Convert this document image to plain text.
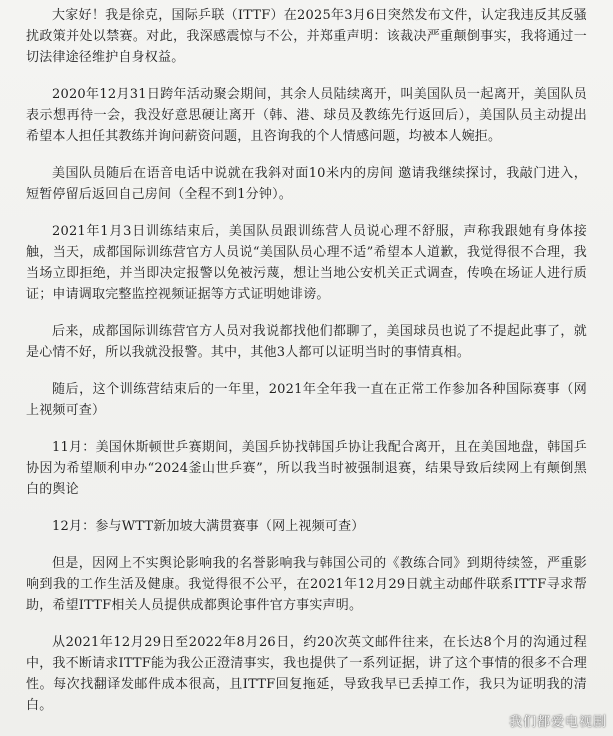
大家好！我是徐克，国际乒联（ITTF）在2025年3月6日突然发布文件，认定我违反其反骚扰政策并处以禁赛。对此，我深感震惊与不公，并郑重声明：该裁决严重颠倒事实，我将通过一切法律途径维护自身权益。

2020年12月31日跨年活动聚会期间，其余人员陆续离开，叫美国队员一起离开，美国队员表示想再待一会，我没好意思硬让离开（韩、港、球员及教练先行返回后），美国队员主动提出希望本人担任其教练并询问薪资问题，且咨询我的个人情感问题，均被本人婉拒。

美国队员随后在语音电话中说就在我斜对面10米内的房间 邀请我继续探讨，我敲门进入，短暂停留后返回自己房间（全程不到1分钟）。

2021年1月3日训练结束后，美国队员跟训练营人员说心理不舒服，声称我跟她有身体接触，当天，成都国际训练营官方人员说“美国队员心理不适”希望本人道歉，我觉得很不合理，我当场立即拒绝，并当即决定报警以免被污蔑，想让当地公安机关正式调查，传唤在场证人进行质证；申请调取完整监控视频证据等方式证明她诽谤。

后来，成都国际训练营官方人员对我说都找他们都聊了，美国球员也说了不提起此事了，就是心情不好，所以我就没报警。其中，其他3人都可以证明当时的事情真相。

随后，这个训练营结束后的一年里，2021年全年我一直在正常工作参加各种国际赛事（网上视频可查）

11月：美国休斯顿世乒赛期间，美国乒协找韩国乒协让我配合离开，且在美国地盘，韩国乒协因为希望顺利申办“2024釜山世乒赛”，所以我当时被强制退赛，结果导致后续网上有颠倒黑白的舆论

12月：参与WTT新加坡大满贯赛事（网上视频可查）

但是，因网上不实舆论影响我的名誉影响我与韩国公司的《教练合同》到期待续签，严重影响到我的工作生活及健康。我觉得很不公平，在2021年12月29日就主动邮件联系ITTF寻求帮助，希望ITTF相关人员提供成都舆论事件官方事实声明。

从2021年12月29日至2022年8月26日，约20次英文邮件往来，在长达8个月的沟通过程中，我不断请求ITTF能为我公正澄清事实，我也提供了一系列证据，讲了这个事情的很多不合理性。每次找翻译发邮件成本很高，且ITTF回复拖延，导致我早已丢掉工作，我只为证明我的清白。

我们都爱电视剧
